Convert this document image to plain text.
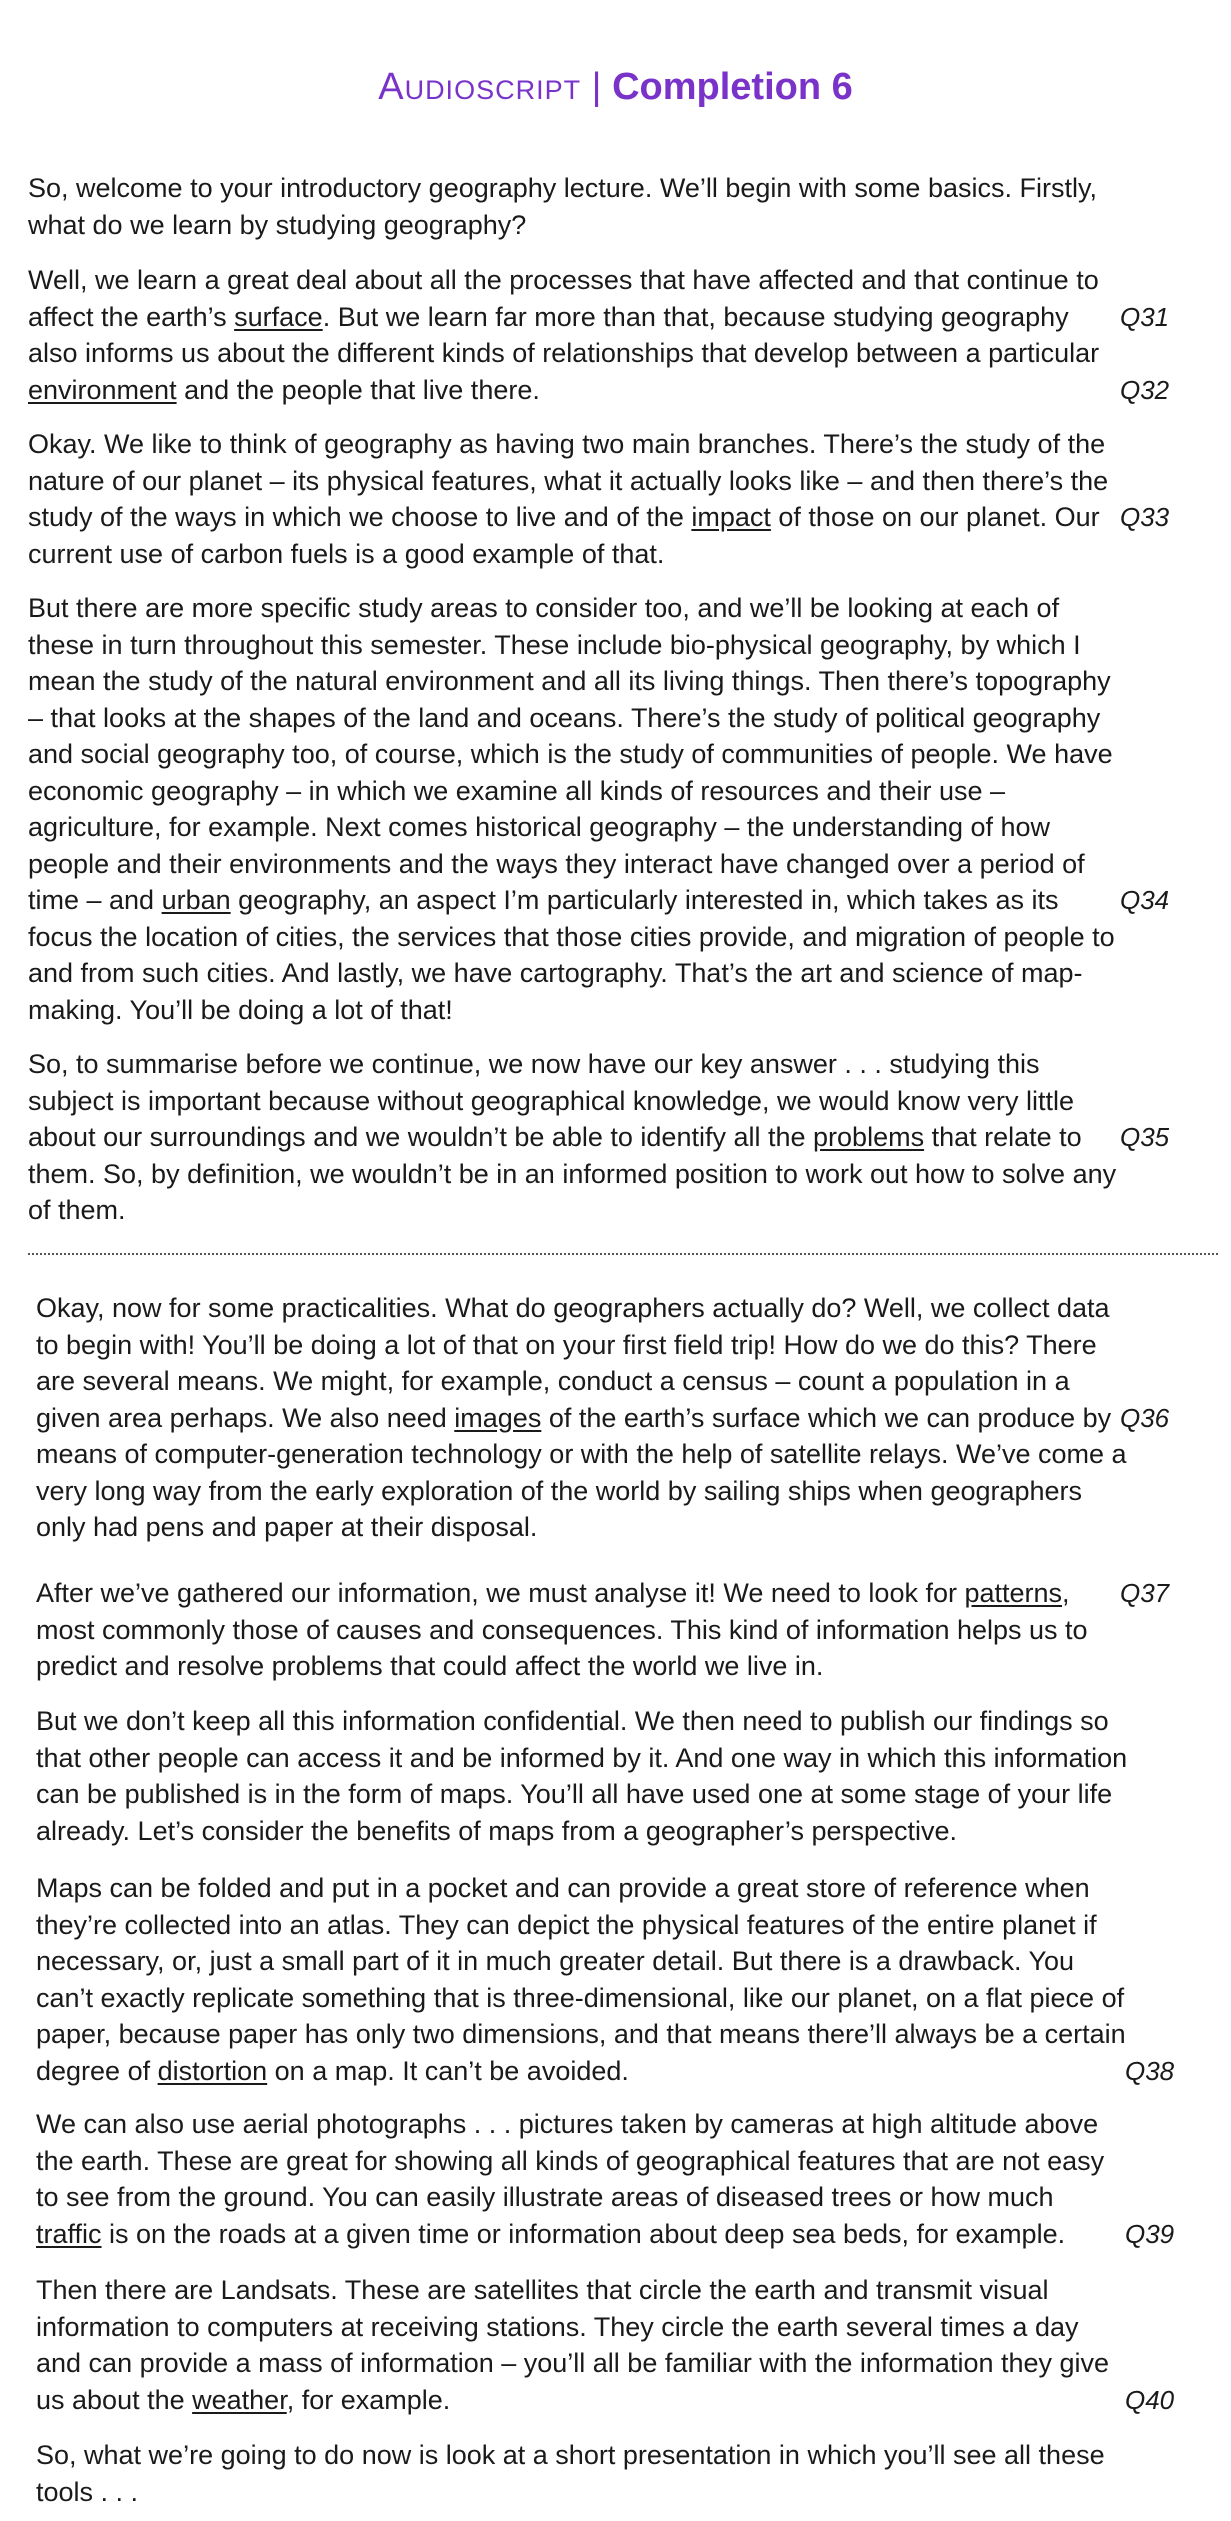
Audioscript | Completion 6
So, welcome to your introductory geography lecture. We’ll begin with some basics. Firstly,
what do we learn by studying geography?
Well, we learn a great deal about all the processes that have affected and that continue to
affect the earth’s surface. But we learn far more than that, because studying geography Q31
also informs us about the different kinds of relationships that develop between a particular
environment and the people that live there.	Q32
Okay. We like to think of geography as having two main branches. There’s the study of the
nature of our planet – its physical features, what it actually looks like – and then there’s the
study of the ways in which we choose to live and of the impact of those on our planet. Our Q33
current use of carbon fuels is a good example of that.
But there are more specific study areas to consider too, and we’ll be looking at each of
these in turn throughout this semester. These include bio-physical geography, by which I
mean the study of the natural environment and all its living things. Then there’s topography
– that looks at the shapes of the land and oceans. There’s the study of political geography
and social geography too, of course, which is the study of communities of people. We have
economic geography – in which we examine all kinds of resources and their use –
agriculture, for example. Next comes historical geography – the understanding of how
people and their environments and the ways they interact have changed over a period of
time – and urban geography, an aspect I’m particularly interested in, which takes as its Q34
focus the location of cities, the services that those cities provide, and migration of people to
and from such cities. And lastly, we have cartography. That’s the art and science of map-
making. You’ll be doing a lot of that!
So, to summarise before we continue, we now have our key answer . . . studying this
subject is important because without geographical knowledge, we would know very little
about our surroundings and we wouldn’t be able to identify all the problems that relate to Q35
them. So, by definition, we wouldn’t be in an informed position to work out how to solve any
of them.
Okay, now for some practicalities. What do geographers actually do? Well, we collect data
to begin with! You’ll be doing a lot of that on your first field trip! How do we do this? There
are several means. We might, for example, conduct a census – count a population in a
given area perhaps. We also need images of the earth’s surface which we can produce by Q36
means of computer-generation technology or with the help of satellite relays. We’ve come a
very long way from the early exploration of the world by sailing ships when geographers
only had pens and paper at their disposal.
After we’ve gathered our information, we must analyse it! We need to look for patterns, Q37
most commonly those of causes and consequences. This kind of information helps us to
predict and resolve problems that could affect the world we live in.
But we don’t keep all this information confidential. We then need to publish our findings so
that other people can access it and be informed by it. And one way in which this information
can be published is in the form of maps. You’ll all have used one at some stage of your life
already. Let’s consider the benefits of maps from a geographer’s perspective.
Maps can be folded and put in a pocket and can provide a great store of reference when
they’re collected into an atlas. They can depict the physical features of the entire planet if
necessary, or, just a small part of it in much greater detail. But there is a drawback. You
can’t exactly replicate something that is three-dimensional, like our planet, on a flat piece of
paper, because paper has only two dimensions, and that means there’ll always be a certain
degree of distortion on a map. It can’t be avoided.	Q38
We can also use aerial photographs . . . pictures taken by cameras at high altitude above
the earth. These are great for showing all kinds of geographical features that are not easy
to see from the ground. You can easily illustrate areas of diseased trees or how much
traffic is on the roads at a given time or information about deep sea beds, for example. Q39
Then there are Landsats. These are satellites that circle the earth and transmit visual
information to computers at receiving stations. They circle the earth several times a day
and can provide a mass of information – you’ll all be familiar with the information they give
us about the weather, for example.	Q40
So, what we’re going to do now is look at a short presentation in which you’ll see all these
tools . . .
